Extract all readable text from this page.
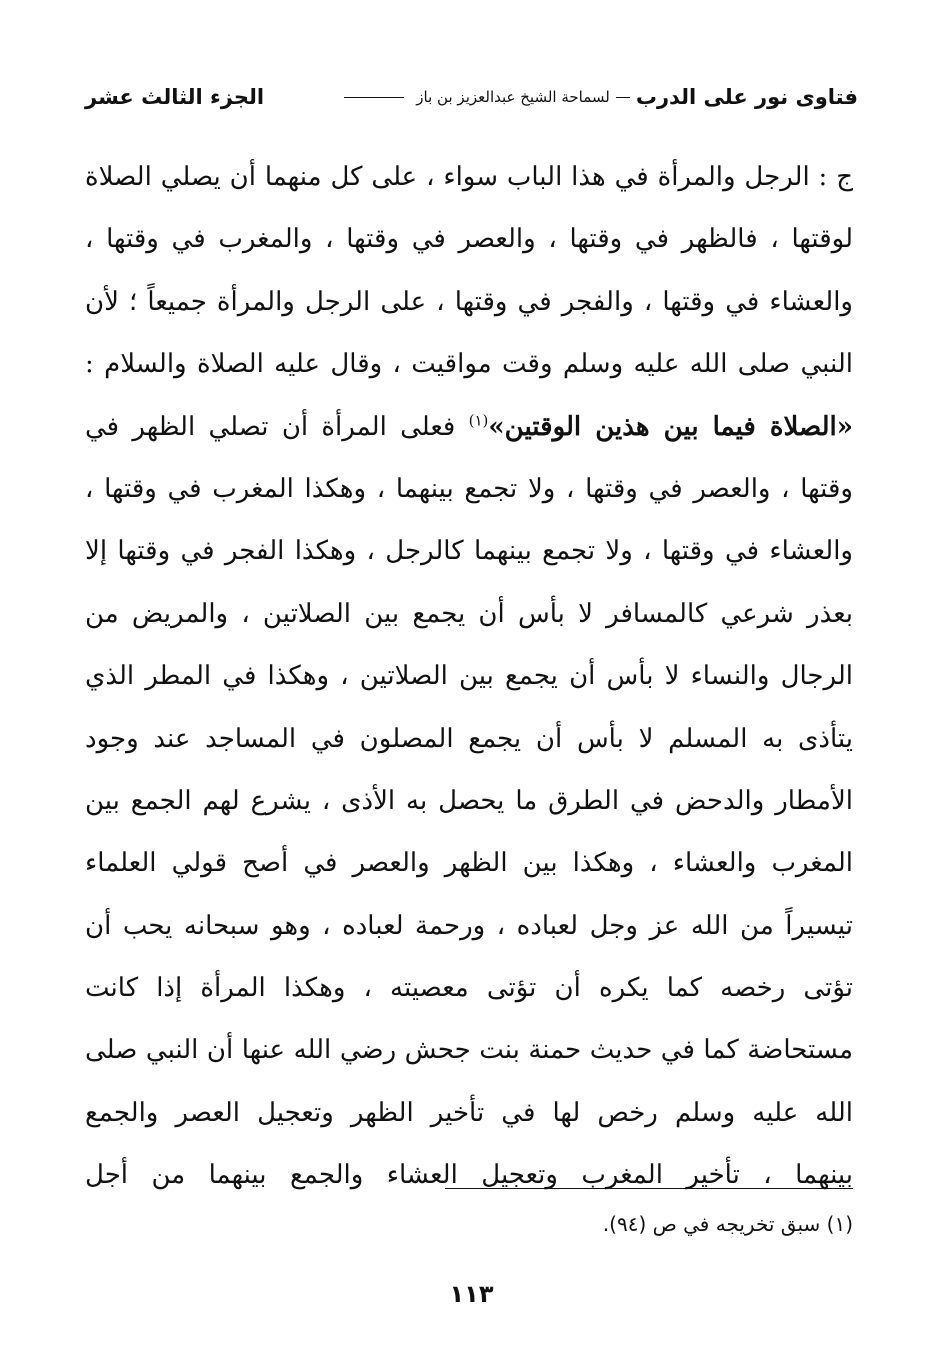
فتاوى نور على الدرب
لسماحة الشيخ عبدالعزيز بن باز
الجزء الثالث عشر
ج : الرجل والمرأة في هذا الباب سواء ، على كل منهما أن يصلي الصلاة
لوقتها ، فالظهر في وقتها ، والعصر في وقتها ، والمغرب في وقتها ،
والعشاء في وقتها ، والفجر في وقتها ، على الرجل والمرأة جميعاً ؛ لأن
النبي صلى الله عليه وسلم وقت مواقيت ، وقال عليه الصلاة والسلام :
«الصلاة فيما بين هذين الوقتين»$^{(١)}$ فعلى المرأة أن تصلي الظهر في
وقتها ، والعصر في وقتها ، ولا تجمع بينهما ، وهكذا المغرب في وقتها ،
والعشاء في وقتها ، ولا تجمع بينهما كالرجل ، وهكذا الفجر في وقتها إلا
بعذر شرعي كالمسافر لا بأس أن يجمع بين الصلاتين ، والمريض من
الرجال والنساء لا بأس أن يجمع بين الصلاتين ، وهكذا في المطر الذي
يتأذى به المسلم لا بأس أن يجمع المصلون في المساجد عند وجود
الأمطار والدحض في الطرق ما يحصل به الأذى ، يشرع لهم الجمع بين
المغرب والعشاء ، وهكذا بين الظهر والعصر في أصح قولي العلماء
تيسيراً من الله عز وجل لعباده ، ورحمة لعباده ، وهو سبحانه يحب أن
تؤتى رخصه كما يكره أن تؤتى معصيته ، وهكذا المرأة إذا كانت
مستحاضة كما في حديث حمنة بنت جحش رضي الله عنها أن النبي صلى
الله عليه وسلم رخص لها في تأخير الظهر وتعجيل العصر والجمع
بينهما ، تأخير المغرب وتعجيل العشاء والجمع بينهما من أجل
(١) سبق تخريجه في ص (٩٤).
١١٣
